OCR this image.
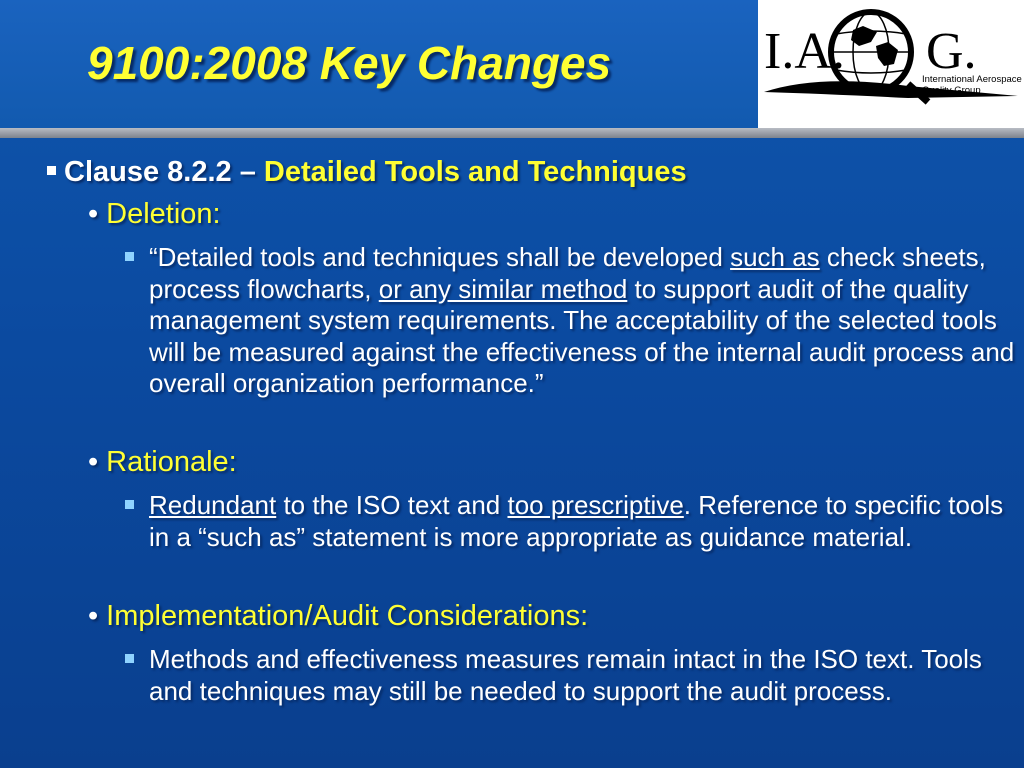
9100:2008 Key Changes	I.A. G.
International Aerospace
Quality Group
Clause 8.2.2 – Detailed Tools and Techniques
• Deletion:
“Detailed tools and techniques shall be developed such as check sheets, process flowcharts, or any similar method to support audit of the quality management system requirements. The acceptability of the selected tools will be measured against the effectiveness of the internal audit process and overall organization performance.”
• Rationale:
Redundant to the ISO text and too prescriptive. Reference to specific tools in a “such as” statement is more appropriate as guidance material.
• Implementation/Audit Considerations:
Methods and effectiveness measures remain intact in the ISO text. Tools and techniques may still be needed to support the audit process.
